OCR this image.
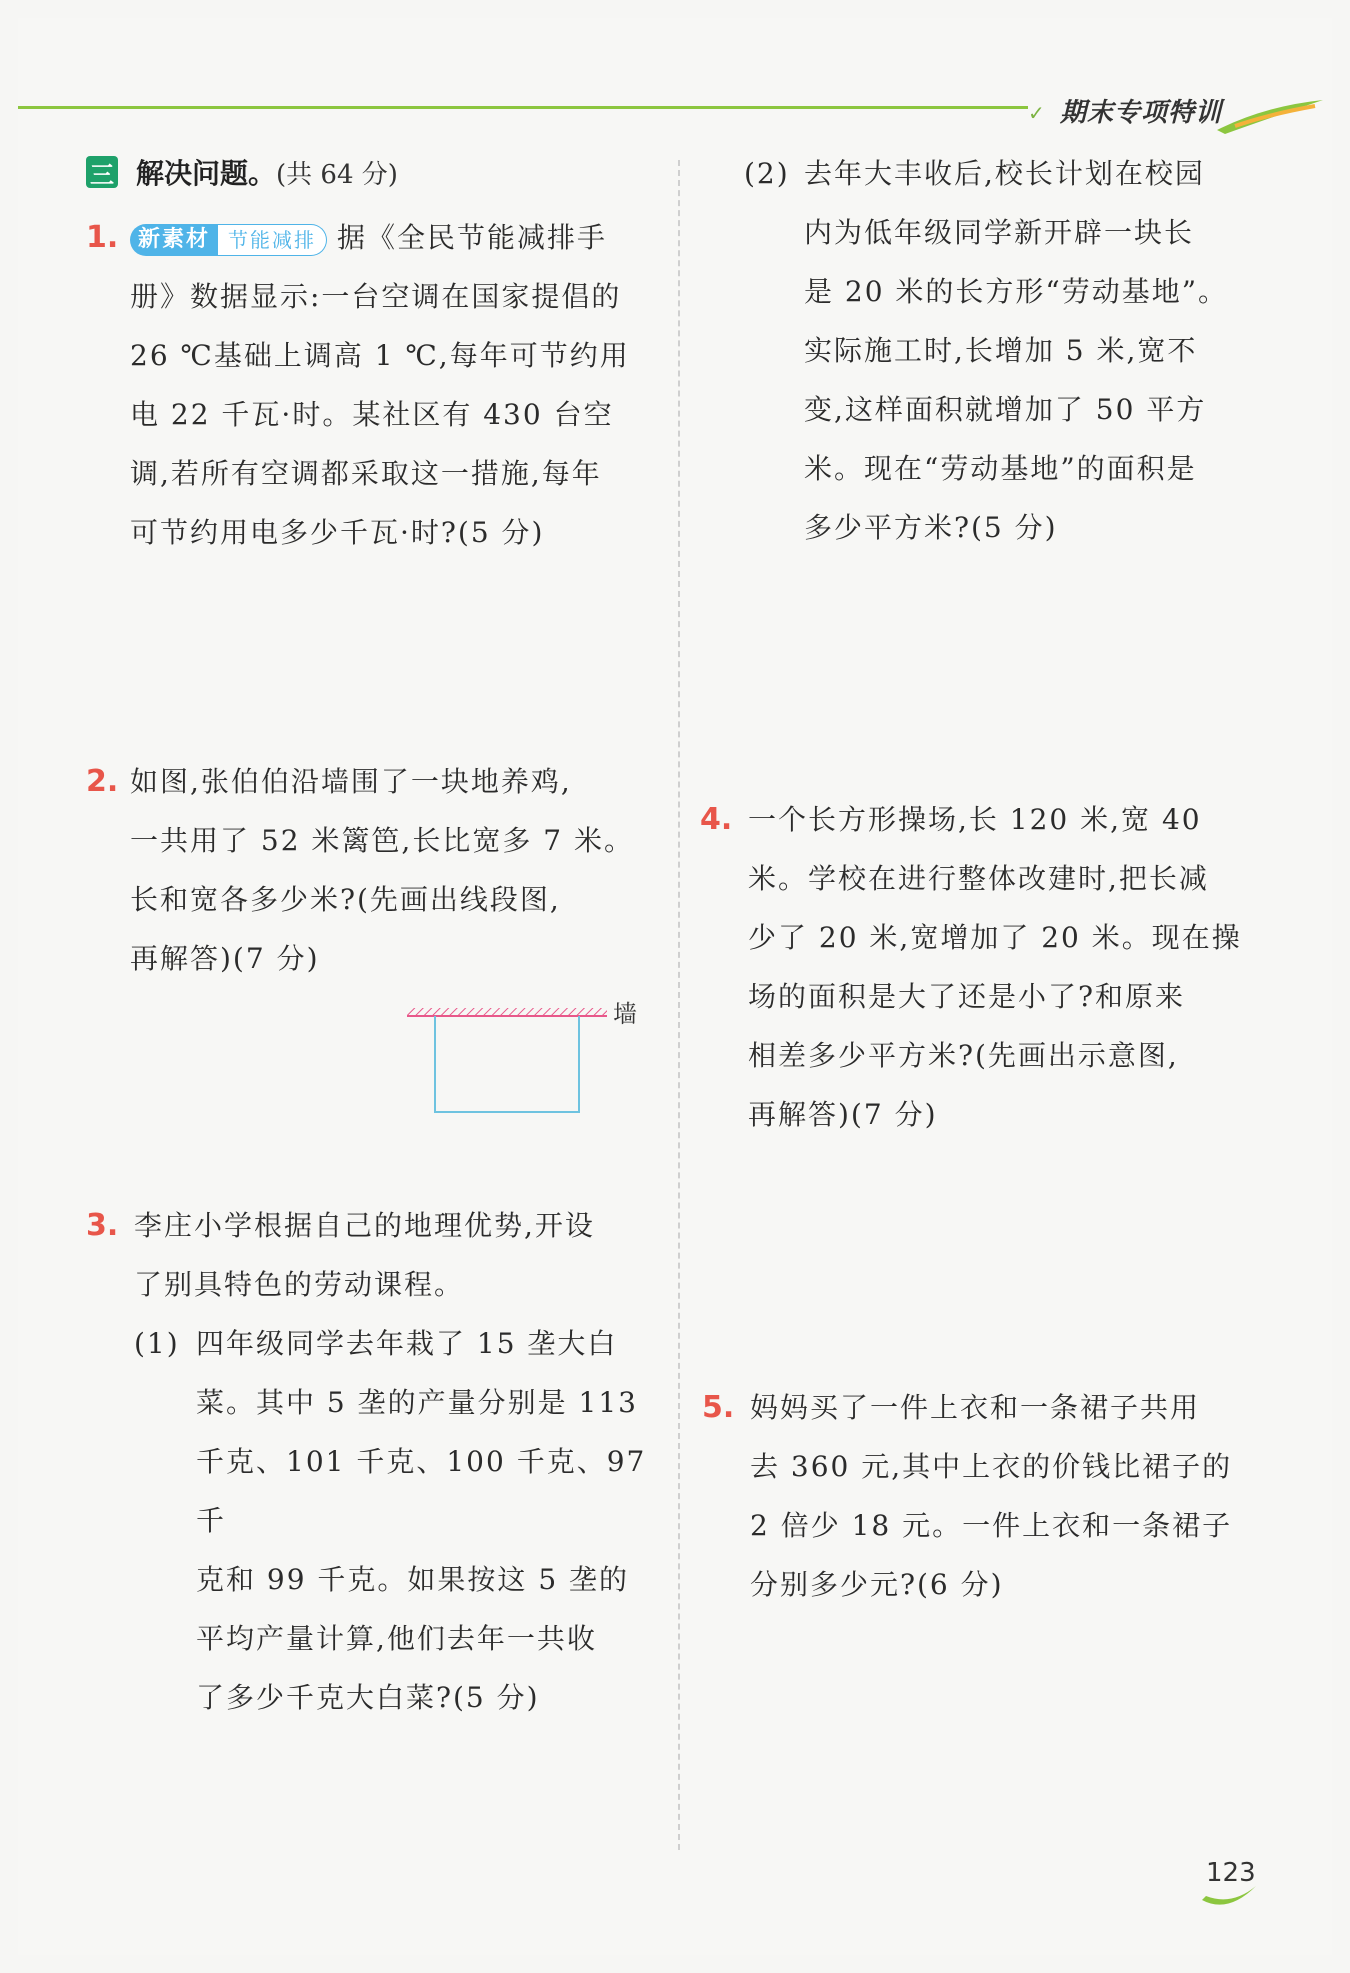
✓ 期末专项特训
三 解决问题。 (共 64 分)
1. 新素材 节能减排 据《全民节能减排手
册》数据显示:一台空调在国家提倡的
26 ℃基础上调高 1 ℃,每年可节约用
电 22 千瓦·时。某社区有 430 台空
调,若所有空调都采取这一措施,每年
可节约用电多少千瓦·时?(5 分)
2. 如图,张伯伯沿墙围了一块地养鸡,
一共用了 52 米篱笆,长比宽多 7 米。
长和宽各多少米?(先画出线段图,
再解答)(7 分)
墙
3. 李庄小学根据自己的地理优势,开设
了别具特色的劳动课程。
(1) 四年级同学去年栽了 15 垄大白
菜。其中 5 垄的产量分别是 113
千克、101 千克、100 千克、97 千
克和 99 千克。如果按这 5 垄的
平均产量计算,他们去年一共收
了多少千克大白菜?(5 分)
(2) 去年大丰收后,校长计划在校园
内为低年级同学新开辟一块长
是 20 米的长方形“劳动基地”。
实际施工时,长增加 5 米,宽不
变,这样面积就增加了 50 平方
米。现在“劳动基地”的面积是
多少平方米?(5 分)
4. 一个长方形操场,长 120 米,宽 40
米。学校在进行整体改建时,把长减
少了 20 米,宽增加了 20 米。现在操
场的面积是大了还是小了?和原来
相差多少平方米?(先画出示意图,
再解答)(7 分)
5. 妈妈买了一件上衣和一条裙子共用
去 360 元,其中上衣的价钱比裙子的
2 倍少 18 元。一件上衣和一条裙子
分别多少元?(6 分)
123
